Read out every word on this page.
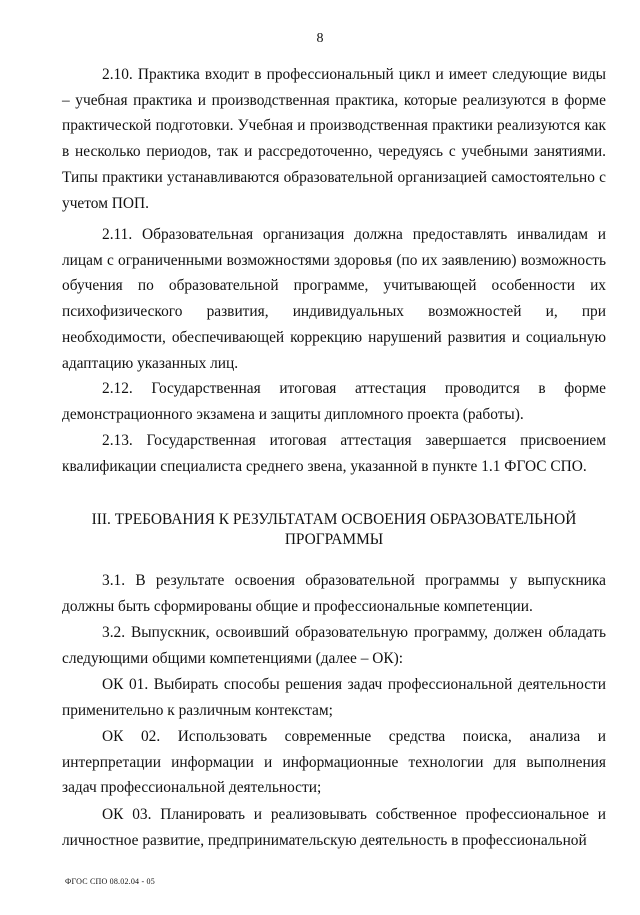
8

2.10. Практика входит в профессиональный цикл и имеет следующие виды – учебная практика и производственная практика, которые реализуются в форме практической подготовки. Учебная и производственная практики реализуются как в несколько периодов, так и рассредоточенно, чередуясь с учебными занятиями. Типы практики устанавливаются образовательной организацией самостоятельно с учетом ПОП.

2.11. Образовательная организация должна предоставлять инвалидам и лицам с ограниченными возможностями здоровья (по их заявлению) возможность обучения по образовательной программе, учитывающей особенности их психофизического развития, индивидуальных возможностей и, при необходимости, обеспечивающей коррекцию нарушений развития и социальную адаптацию указанных лиц.

2.12. Государственная итоговая аттестация проводится в форме демонстрационного экзамена и защиты дипломного проекта (работы).

2.13. Государственная итоговая аттестация завершается присвоением квалификации специалиста среднего звена, указанной в пункте 1.1 ФГОС СПО.

III. ТРЕБОВАНИЯ К РЕЗУЛЬТАТАМ ОСВОЕНИЯ ОБРАЗОВАТЕЛЬНОЙ ПРОГРАММЫ

3.1. В результате освоения образовательной программы у выпускника должны быть сформированы общие и профессиональные компетенции.

3.2. Выпускник, освоивший образовательную программу, должен обладать следующими общими компетенциями (далее – ОК):

ОК 01. Выбирать способы решения задач профессиональной деятельности применительно к различным контекстам;

ОК 02. Использовать современные средства поиска, анализа и интерпретации информации и информационные технологии для выполнения задач профессиональной деятельности;

ОК 03. Планировать и реализовывать собственное профессиональное и личностное развитие, предпринимательскую деятельность в профессиональной

ФГОС СПО 08.02.04 - 05
